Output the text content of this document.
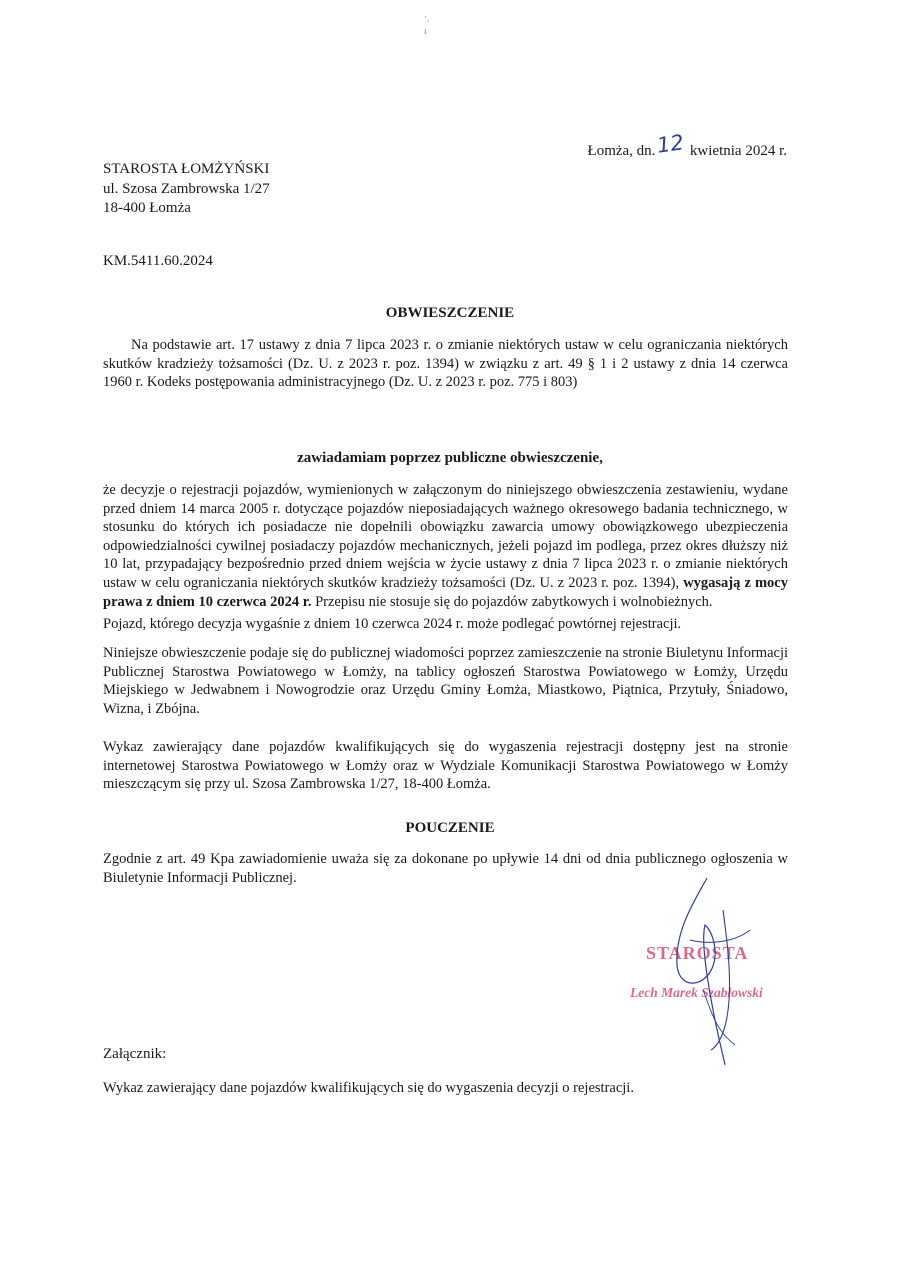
·ˎ
ı
Łomża, dn.12 kwietnia 2024 r.
STAROSTA ŁOMŻYŃSKI
ul. Szosa Zambrowska 1/27
18-400 Łomża
KM.5411.60.2024
OBWIESZCZENIE
Na podstawie art. 17 ustawy z dnia 7 lipca 2023 r. o zmianie niektórych ustaw w celu ograniczania niektórych skutków kradzieży tożsamości (Dz. U. z 2023 r. poz. 1394) w związku z art. 49 § 1 i 2 ustawy z dnia 14 czerwca 1960 r. Kodeks postępowania administracyjnego (Dz. U. z 2023 r. poz. 775 i 803)
zawiadamiam poprzez publiczne obwieszczenie,
że decyzje o rejestracji pojazdów, wymienionych w załączonym do niniejszego obwieszczenia zestawieniu, wydane przed dniem 14 marca 2005 r. dotyczące pojazdów nieposiadających ważnego okresowego badania technicznego, w stosunku do których ich posiadacze nie dopełnili obowiązku zawarcia umowy obowiązkowego ubezpieczenia odpowiedzialności cywilnej posiadaczy pojazdów mechanicznych, jeżeli pojazd im podlega, przez okres dłuższy niż 10 lat, przypadający bezpośrednio przed dniem wejścia w życie ustawy z dnia 7 lipca 2023 r. o zmianie niektórych ustaw w celu ograniczania niektórych skutków kradzieży tożsamości (Dz. U. z 2023 r. poz. 1394), wygasają z mocy prawa z dniem 10 czerwca 2024 r. Przepisu nie stosuje się do pojazdów zabytkowych i wolnobieżnych.
Pojazd, którego decyzja wygaśnie z dniem 10 czerwca 2024 r. może podlegać powtórnej rejestracji.
Niniejsze obwieszczenie podaje się do publicznej wiadomości poprzez zamieszczenie na stronie Biuletynu Informacji Publicznej Starostwa Powiatowego w Łomży, na tablicy ogłoszeń Starostwa Powiatowego w Łomży, Urzędu Miejskiego w Jedwabnem i Nowogrodzie oraz Urzędu Gminy Łomża, Miastkowo, Piątnica, Przytuły, Śniadowo, Wizna, i Zbójna.
Wykaz zawierający dane pojazdów kwalifikujących się do wygaszenia rejestracji dostępny jest na stronie internetowej Starostwa Powiatowego w Łomży oraz w Wydziale Komunikacji Starostwa Powiatowego w Łomży mieszczącym się przy ul. Szosa Zambrowska 1/27, 18-400 Łomża.
POUCZENIE
Zgodnie z art. 49 Kpa zawiadomienie uważa się za dokonane po upływie 14 dni od dnia publicznego ogłoszenia w Biuletynie Informacji Publicznej.
STAROSTA
Lech Marek Szabłowski
Załącznik:
Wykaz zawierający dane pojazdów kwalifikujących się do wygaszenia decyzji o rejestracji.
